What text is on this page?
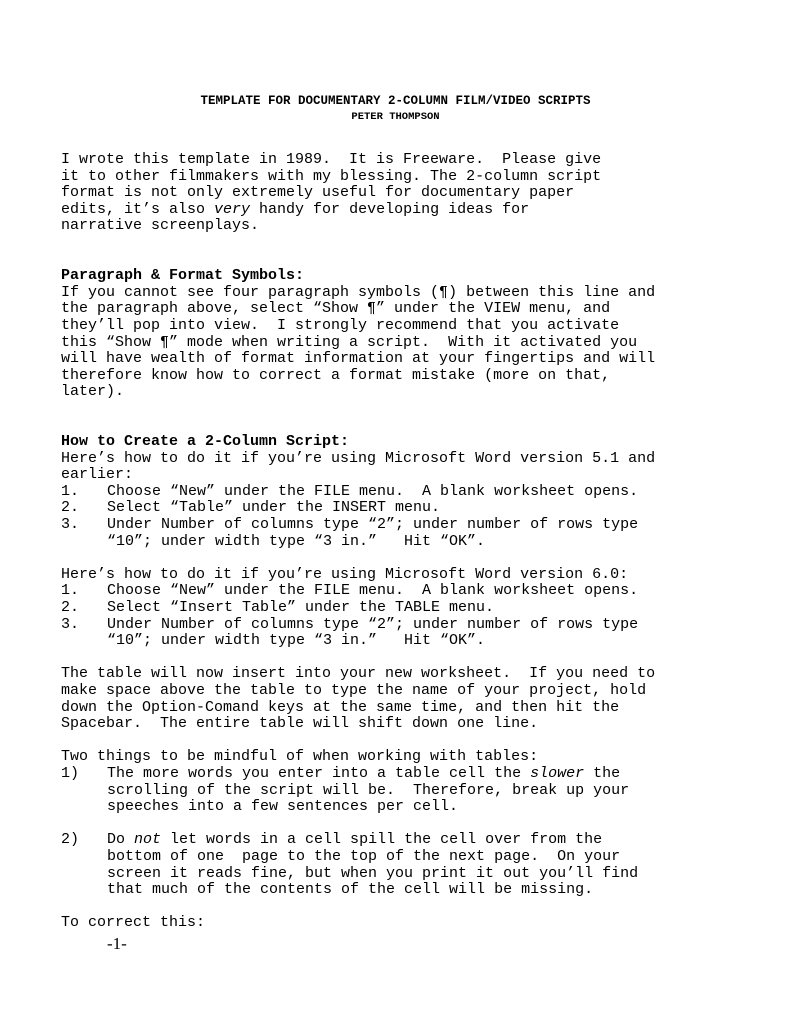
TEMPLATE FOR DOCUMENTARY 2-COLUMN FILM/VIDEO SCRIPTS
PETER THOMPSON
I wrote this template in 1989.  It is Freeware.  Please give
it to other filmmakers with my blessing. The 2-column script
format is not only extremely useful for documentary paper
edits, it’s also very handy for developing ideas for
narrative screenplays.
Paragraph & Format Symbols:
If you cannot see four paragraph symbols (¶) between this line and
the paragraph above, select “Show ¶” under the VIEW menu, and
they’ll pop into view.  I strongly recommend that you activate
this “Show ¶” mode when writing a script.  With it activated you
will have wealth of format information at your fingertips and will
therefore know how to correct a format mistake (more on that,
later).
How to Create a 2-Column Script:
Here’s how to do it if you’re using Microsoft Word version 5.1 and
earlier:
1. Choose “New” under the FILE menu.  A blank worksheet opens.
2. Select “Table” under the INSERT menu.
3. Under Number of columns type “2”; under number of rows type
“10”; under width type “3 in.”   Hit “OK”.
Here’s how to do it if you’re using Microsoft Word version 6.0:
1. Choose “New” under the FILE menu.  A blank worksheet opens.
2. Select “Insert Table” under the TABLE menu.
3. Under Number of columns type “2”; under number of rows type
“10”; under width type “3 in.”   Hit “OK”.
The table will now insert into your new worksheet.  If you need to
make space above the table to type the name of your project, hold
down the Option-Comand keys at the same time, and then hit the
Spacebar.  The entire table will shift down one line.
Two things to be mindful of when working with tables:
1) The more words you enter into a table cell the slower the
scrolling of the script will be.  Therefore, break up your
speeches into a few sentences per cell.
2) Do not let words in a cell spill the cell over from the
bottom of one  page to the top of the next page.  On your
screen it reads fine, but when you print it out you’ll find
that much of the contents of the cell will be missing.
To correct this:
-1-
